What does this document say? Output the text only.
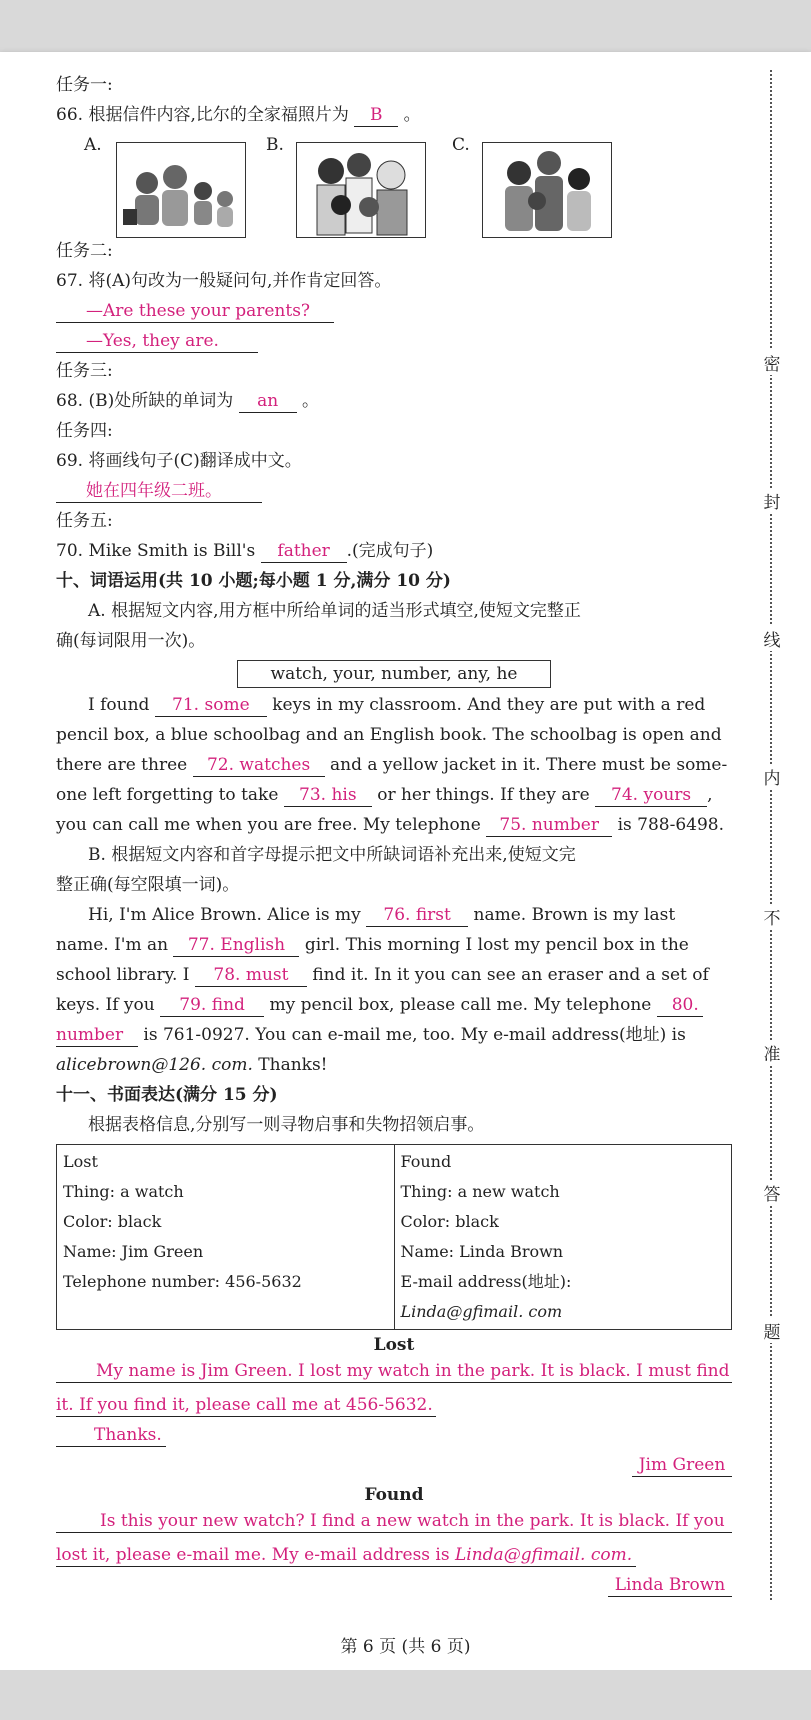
任务一:
66. 根据信件内容,比尔的全家福照片为 B 。
A.	B.	C.
任务二:
67. 将(A)句改为一般疑问句,并作肯定回答。
—Are these your parents?
—Yes, they are.
任务三:
68. (B)处所缺的单词为 an 。
任务四:
69. 将画线句子(C)翻译成中文。
她在四年级二班。
任务五:
70. Mike Smith is Bill's father .(完成句子)
十、词语运用(共 10 小题;每小题 1 分,满分 10 分)
A. 根据短文内容,用方框中所给单词的适当形式填空,使短文完整正
确(每词限用一次)。
watch, your, number, any, he
I found 71. some keys in my classroom. And they are put with a red
pencil box, a blue schoolbag and an English book. The schoolbag is open and
there are three 72. watches and a yellow jacket in it. There must be some-
one left forgetting to take 73. his or her things. If they are 74. yours ,
you can call me when you are free. My telephone 75. number is 788-6498.
B. 根据短文内容和首字母提示把文中所缺词语补充出来,使短文完
整正确(每空限填一词)。
Hi, I'm Alice Brown. Alice is my 76. first name. Brown is my last
name. I'm an 77. English girl. This morning I lost my pencil box in the
school library. I 78. must find it. In it you can see an eraser and a set of
keys. If you 79. find my pencil box, please call me. My telephone 80.
number is 761-0927. You can e-mail me, too. My e-mail address(地址) is
alicebrown@126. com. Thanks!
十一、书面表达(满分 15 分)
根据表格信息,分别写一则寻物启事和失物招领启事。
Lost
Thing: a watch
Color: black
Name: Jim Green
Telephone number: 456-5632

Found
Thing: a new watch
Color: black
Name: Linda Brown
E-mail address(地址):
Linda@gfimail. com
Lost
My name is Jim Green. I lost my watch in the park. It is black. I must find
it. If you find it, please call me at 456-5632.
Thanks.
Jim Green
Found
Is this your new watch? I find a new watch in the park. It is black. If you
lost it, please e-mail me. My e-mail address is Linda@gfimail. com.
Linda Brown
密
封
线
内
不
准
答
题
第 6 页 (共 6 页)
